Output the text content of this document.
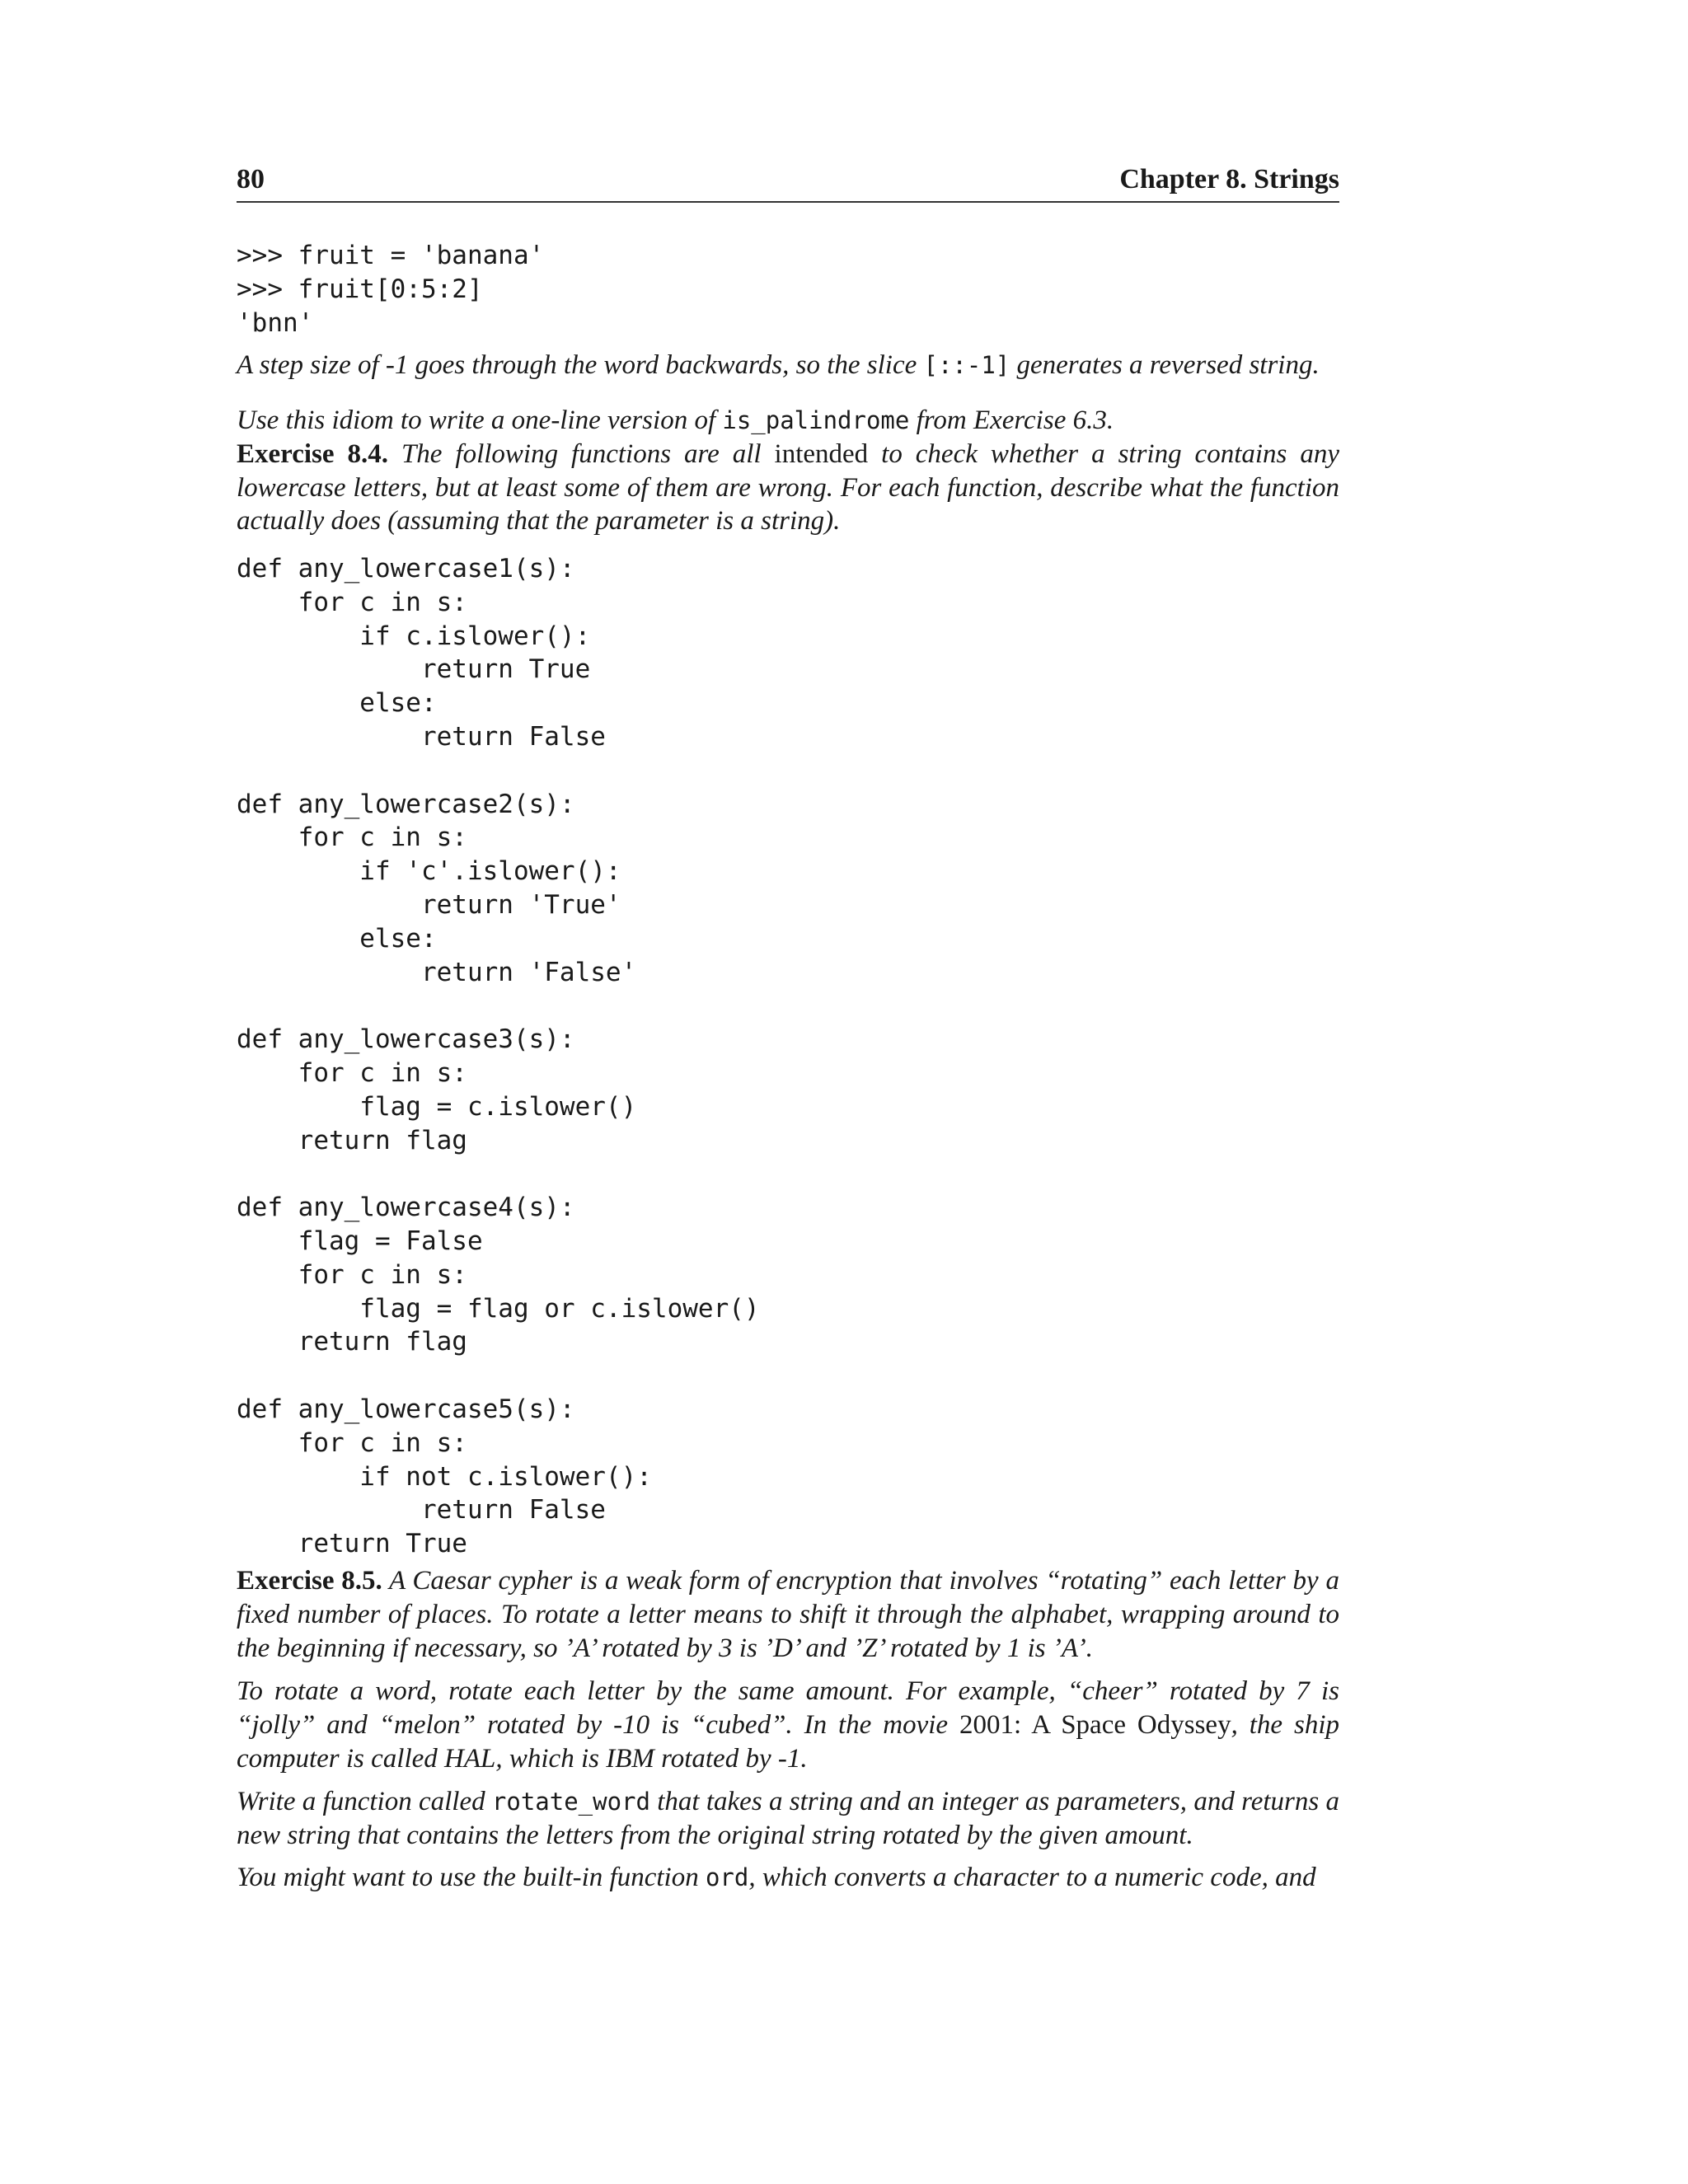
80	Chapter 8. Strings
>>> fruit = 'banana'
>>> fruit[0:5:2]
'bnn'

A step size of -1 goes through the word backwards, so the slice [::-1] generates a reversed string.

Use this idiom to write a one-line version of is_palindrome from Exercise 6.3.
Exercise 8.4. The following functions are all intended to check whether a string contains any lowercase letters, but at least some of them are wrong. For each function, describe what the function actually does (assuming that the parameter is a string).

def any_lowercase1(s):
for c in s:
if c.islower():
return True
else:
return False

def any_lowercase2(s):
for c in s:
if 'c'.islower():
return 'True'
else:
return 'False'

def any_lowercase3(s):
for c in s:
flag = c.islower()
return flag

def any_lowercase4(s):
flag = False
for c in s:
flag = flag or c.islower()
return flag

def any_lowercase5(s):
for c in s:
if not c.islower():
return False
return True

Exercise 8.5. A Caesar cypher is a weak form of encryption that involves “rotating” each letter by a fixed number of places. To rotate a letter means to shift it through the alphabet, wrapping around to the beginning if necessary, so ’A’ rotated by 3 is ’D’ and ’Z’ rotated by 1 is ’A’.

To rotate a word, rotate each letter by the same amount. For example, “cheer” rotated by 7 is “jolly” and “melon” rotated by -10 is “cubed”. In the movie 2001: A Space Odyssey, the ship computer is called HAL, which is IBM rotated by -1.

Write a function called rotate_word that takes a string and an integer as parameters, and returns a new string that contains the letters from the original string rotated by the given amount.

You might want to use the built-in function ord, which converts a character to a numeric code, and
